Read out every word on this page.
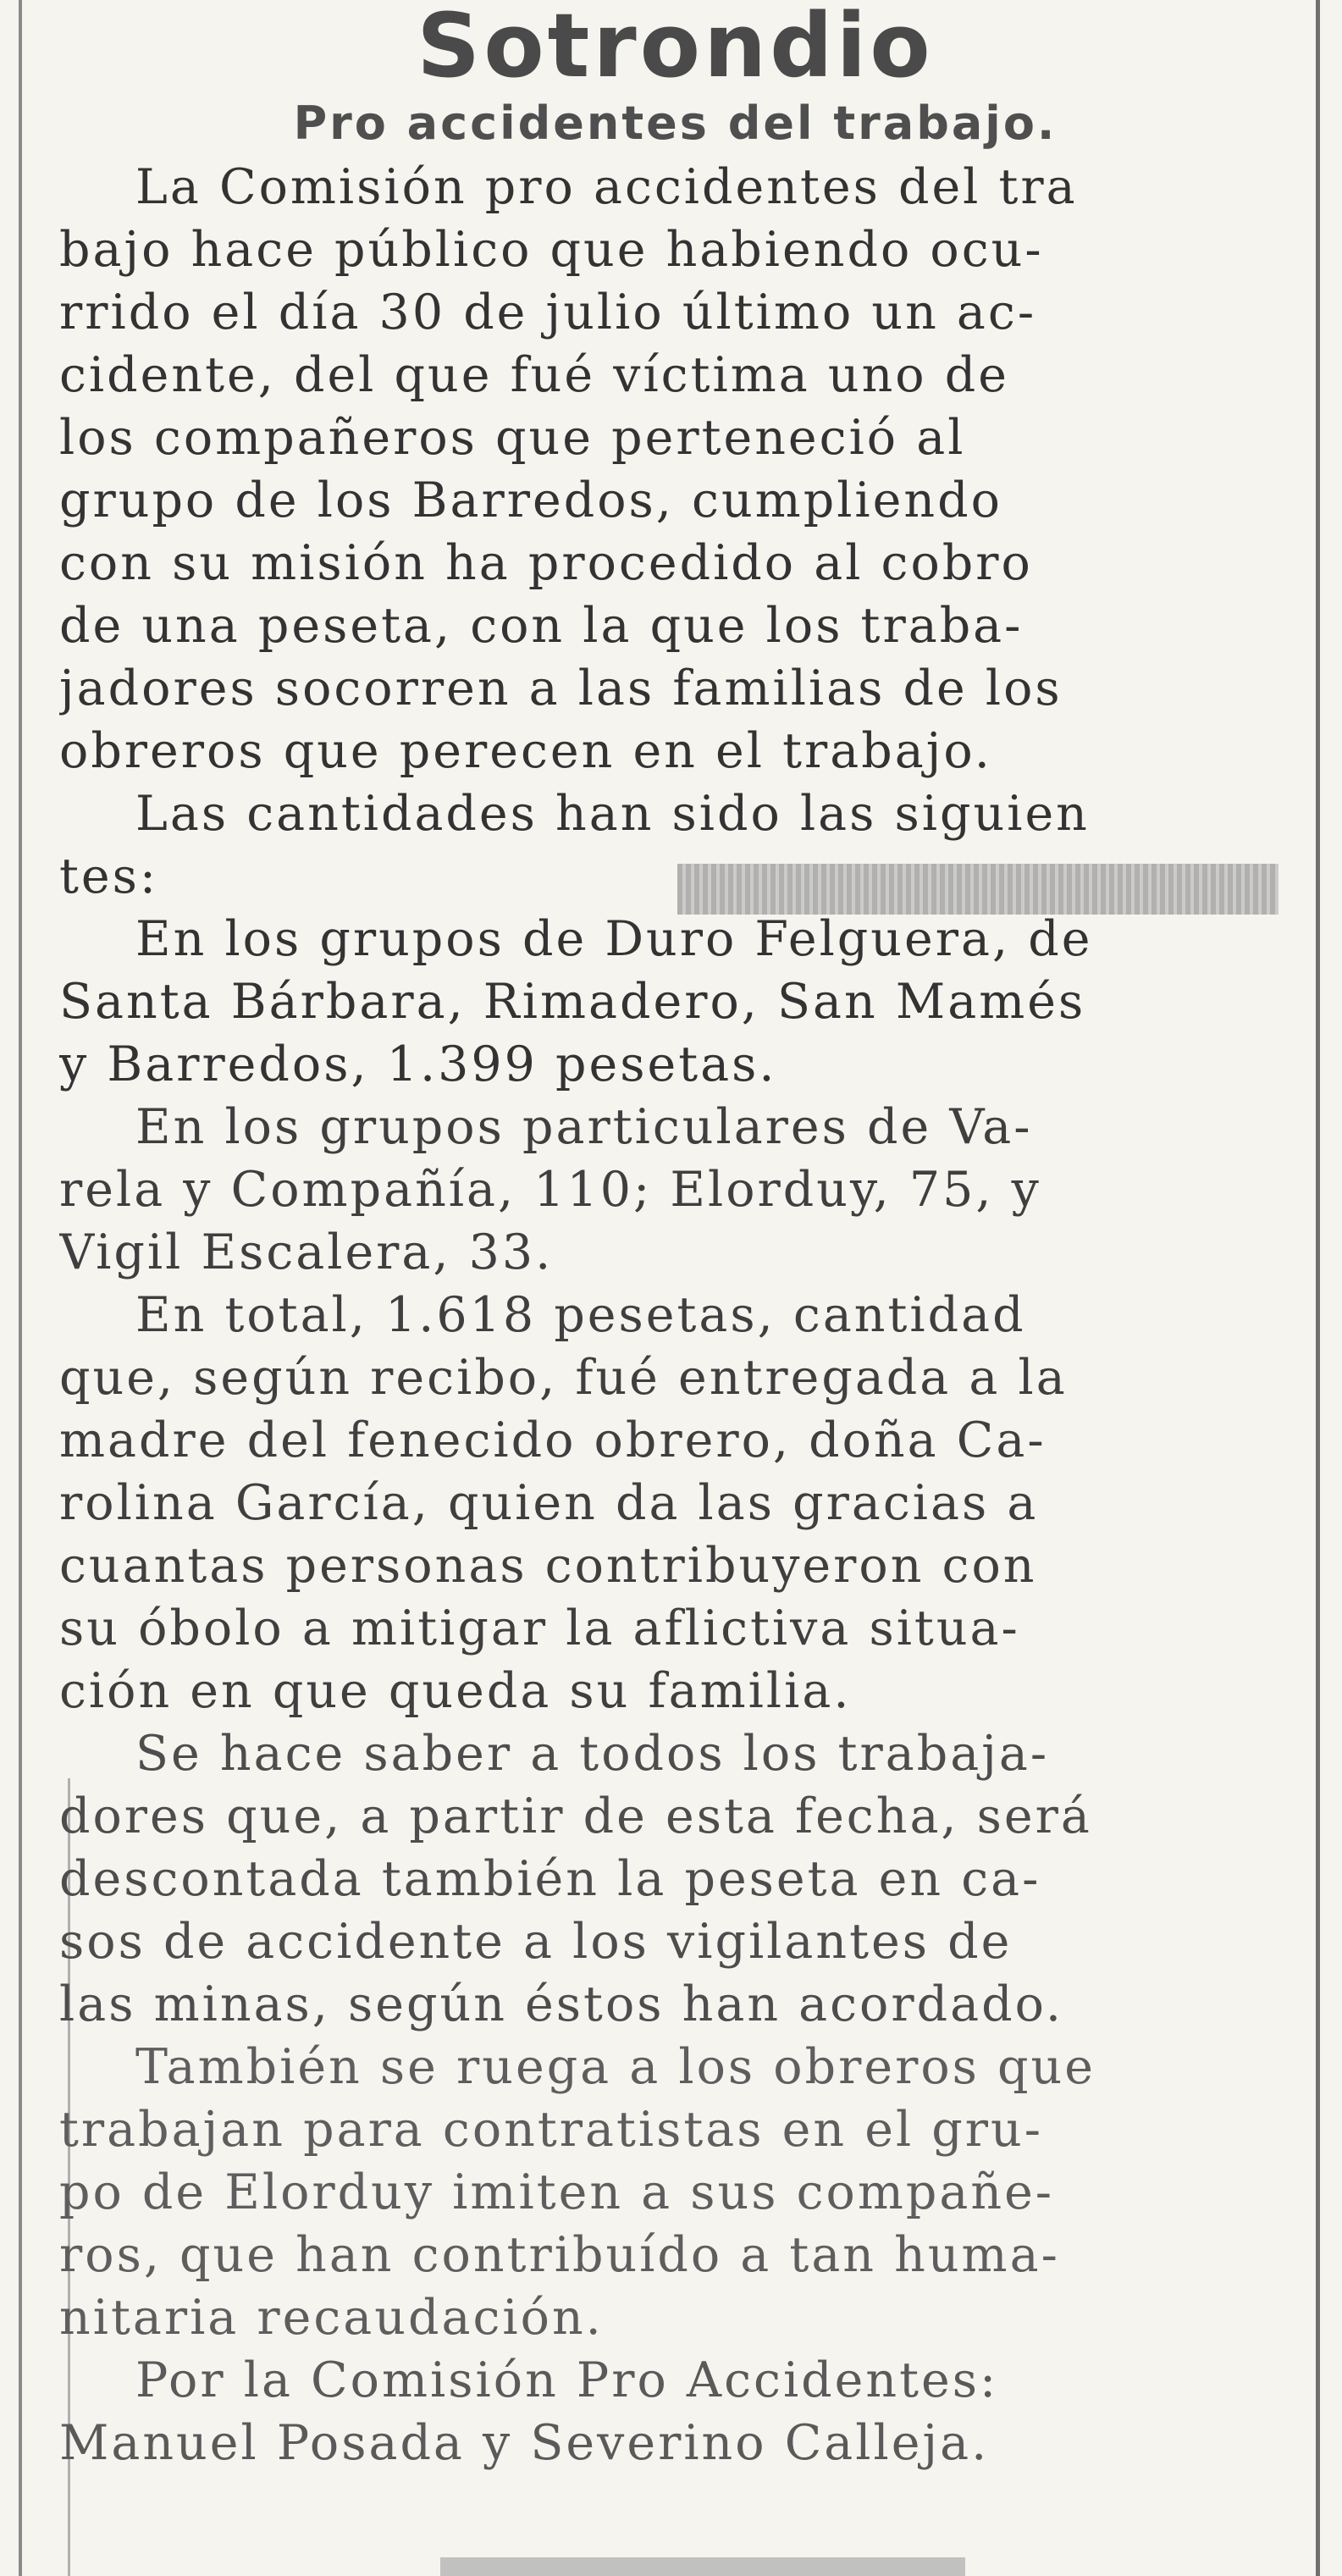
Sotrondio
Pro accidentes del trabajo.

La Comisión pro accidentes del tra
bajo hace público que habiendo ocu-
rrido el día 30 de julio último un ac-
cidente, del que fué víctima uno de
los compañeros que perteneció al
grupo de los Barredos, cumpliendo
con su misión ha procedido al cobro
de una peseta, con la que los traba-
jadores socorren a las familias de los
obreros que perecen en el trabajo.

Las cantidades han sido las siguien
tes:

En los grupos de Duro Felguera, de
Santa Bárbara, Rimadero, San Mamés
y Barredos, 1.399 pesetas.

En los grupos particulares de Va-
rela y Compañía, 110; Elorduy, 75, y
Vigil Escalera, 33.

En total, 1.618 pesetas, cantidad
que, según recibo, fué entregada a la
madre del fenecido obrero, doña Ca-
rolina García, quien da las gracias a
cuantas personas contribuyeron con
su óbolo a mitigar la aflictiva situa-
ción en que queda su familia.

Se hace saber a todos los trabaja-
dores que, a partir de esta fecha, será
descontada también la peseta en ca-
sos de accidente a los vigilantes de
las minas, según éstos han acordado.

También se ruega a los obreros que
trabajan para contratistas en el gru-
po de Elorduy imiten a sus compañe-
ros, que han contribuído a tan huma-
nitaria recaudación.

Por la Comisión Pro Accidentes:
Manuel Posada y Severino Calleja.
